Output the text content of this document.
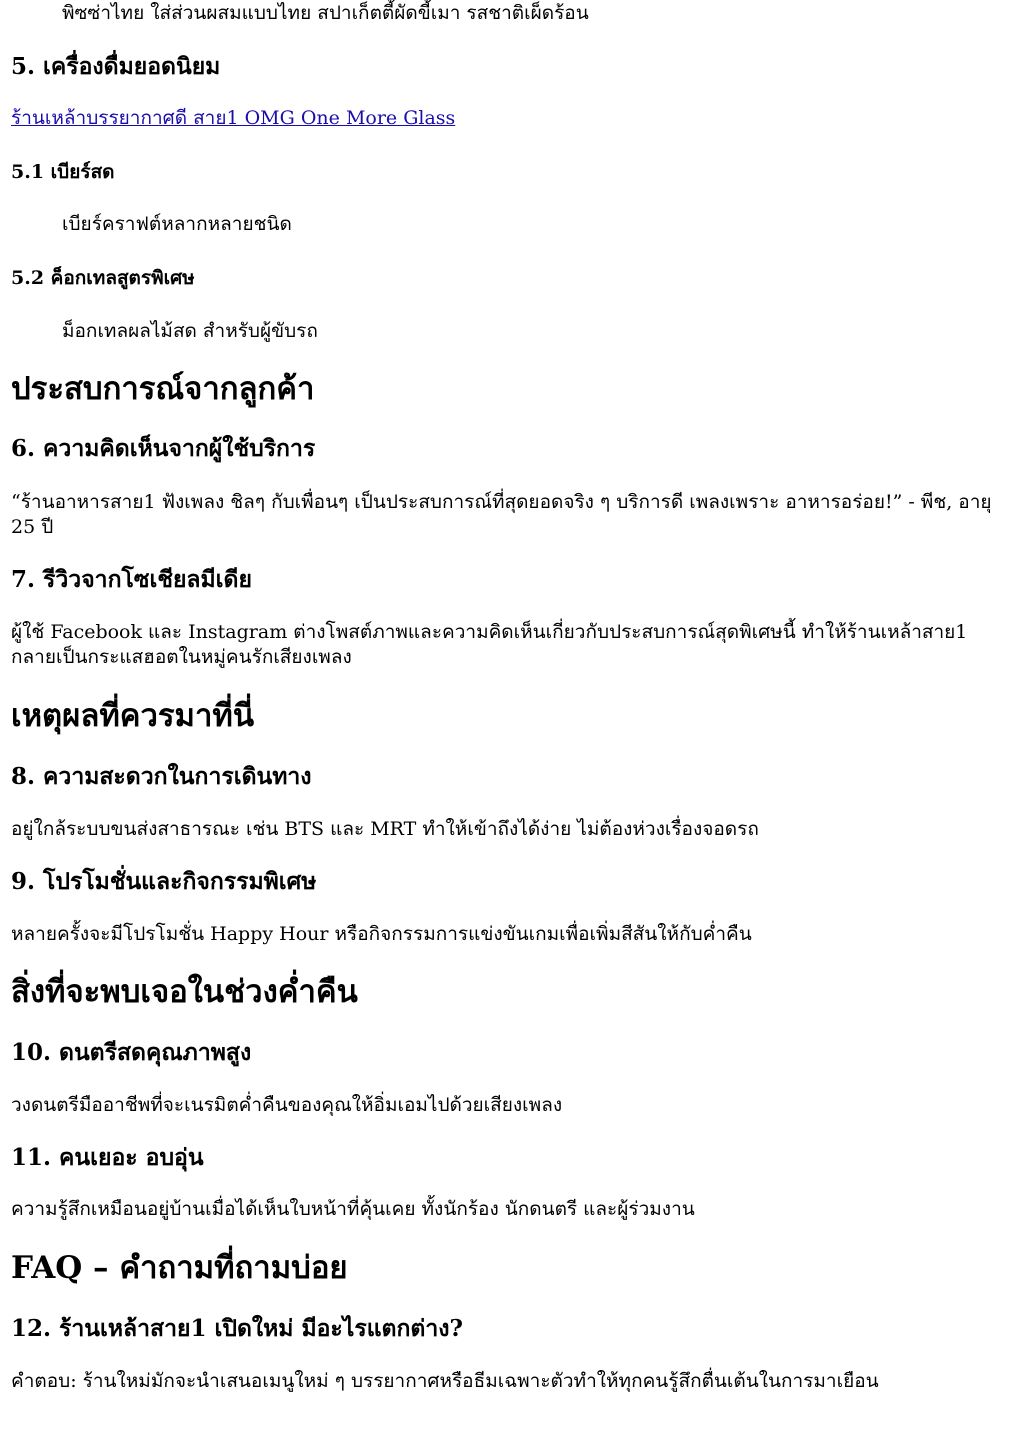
พิซซ่าไทย ใส่ส่วนผสมแบบไทย สปาเก็ตตี้ผัดขี้เมา รสชาติเผ็ดร้อน

5. เครื่องดื่มยอดนิยม

ร้านเหล้าบรรยากาศดี สาย1 OMG One More Glass

5.1 เบียร์สด

เบียร์คราฟต์หลากหลายชนิด

5.2 ค็อกเทลสูตรพิเศษ

ม็อกเทลผลไม้สด สำหรับผู้ขับรถ

ประสบการณ์จากลูกค้า
6. ความคิดเห็นจากผู้ใช้บริการ

“ร้านอาหารสาย1 ฟังเพลง ชิลๆ กับเพื่อนๆ เป็นประสบการณ์ที่สุดยอดจริง ๆ บริการดี เพลงเพราะ อาหารอร่อย!” - พีช, อายุ 25 ปี

7. รีวิวจากโซเชียลมีเดีย

ผู้ใช้ Facebook และ Instagram ต่างโพสต์ภาพและความคิดเห็นเกี่ยวกับประสบการณ์สุดพิเศษนี้ ทำให้ร้านเหล้าสาย1 กลายเป็นกระแสฮอตในหมู่คนรักเสียงเพลง

เหตุผลที่ควรมาที่นี่
8. ความสะดวกในการเดินทาง

อยู่ใกล้ระบบขนส่งสาธารณะ เช่น BTS และ MRT ทำให้เข้าถึงได้ง่าย ไม่ต้องห่วงเรื่องจอดรถ

9. โปรโมชั่นและกิจกรรมพิเศษ

หลายครั้งจะมีโปรโมชั่น Happy Hour หรือกิจกรรมการแข่งขันเกมเพื่อเพิ่มสีสันให้กับค่ำคืน

สิ่งที่จะพบเจอในช่วงค่ำคืน
10. ดนตรีสดคุณภาพสูง

วงดนตรีมืออาชีพที่จะเนรมิตค่ำคืนของคุณให้อิ่มเอมไปด้วยเสียงเพลง

11. คนเยอะ อบอุ่น

ความรู้สึกเหมือนอยู่บ้านเมื่อได้เห็นใบหน้าที่คุ้นเคย ทั้งนักร้อง นักดนตรี และผู้ร่วมงาน

FAQ – คำถามที่ถามบ่อย
12. ร้านเหล้าสาย1 เปิดใหม่ มีอะไรแตกต่าง?

คำตอบ: ร้านใหม่มักจะนำเสนอเมนูใหม่ ๆ บรรยากาศหรือธีมเฉพาะตัวทำให้ทุกคนรู้สึกตื่นเต้นในการมาเยือน
